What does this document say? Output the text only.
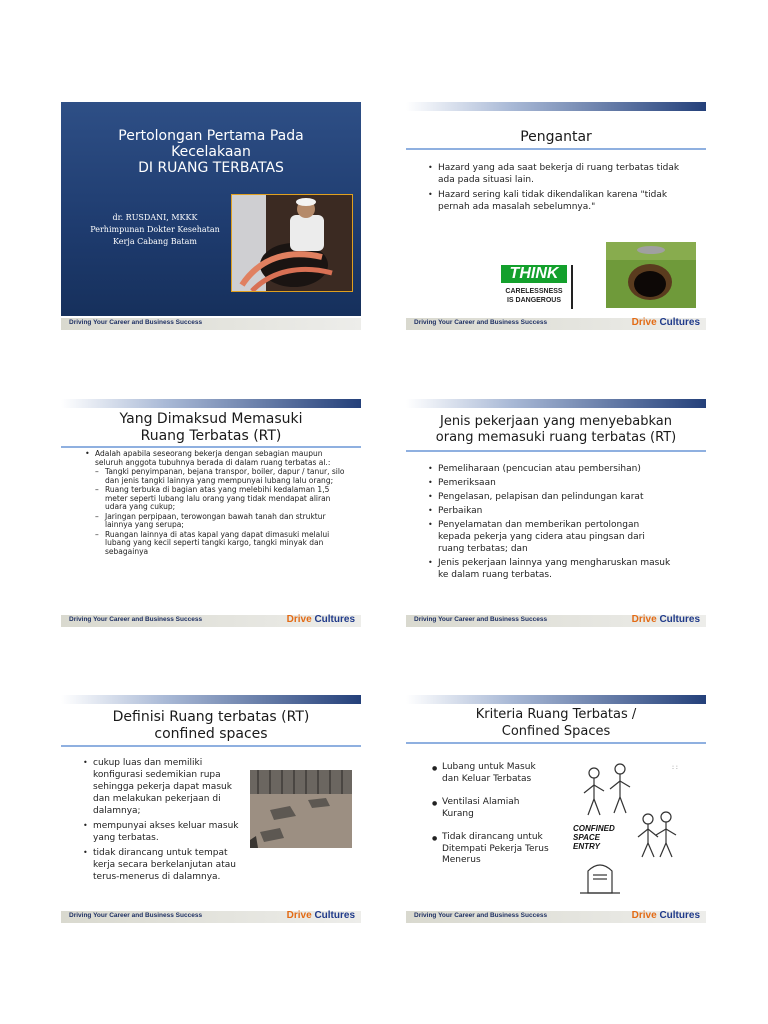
Pertolongan Pertama Pada
Kecelakaan
DI RUANG TERBATAS
dr. RUSDANI, MKKK
Perhimpunan Dokter Kesehatan
Kerja Cabang Batam
Driving Your Career and Business Success
Pengantar
• Hazard yang ada saat bekerja di ruang terbatas tidak ada pada situasi lain.
• Hazard sering kali tidak dikendalikan karena "tidak pernah ada masalah sebelumnya."
THINK
CARELESSNESS
IS DANGEROUS
Driving Your Career and Business Success	Drive Cultures
Yang Dimaksud Memasuki
Ruang Terbatas (RT)
• Adalah apabila seseorang bekerja dengan sebagian maupun seluruh anggota tubuhnya berada di dalam ruang terbatas al.:
– Tangki penyimpanan, bejana transpor, boiler, dapur / tanur, silo dan jenis tangki lainnya yang mempunyai lubang lalu orang;
– Ruang terbuka di bagian atas yang melebihi kedalaman 1,5 meter seperti lubang lalu orang yang tidak mendapat aliran udara yang cukup;
– Jaringan perpipaan, terowongan bawah tanah dan struktur lainnya yang serupa;
– Ruangan lainnya di atas kapal yang dapat dimasuki melalui lubang yang kecil seperti tangki kargo, tangki minyak dan sebagainya
Driving Your Career and Business Success	Drive Cultures
Jenis pekerjaan yang menyebabkan
orang memasuki ruang terbatas (RT)
• Pemeliharaan (pencucian atau pembersihan)
• Pemeriksaan
• Pengelasan, pelapisan dan pelindungan karat
• Perbaikan
• Penyelamatan dan memberikan pertolongan kepada pekerja yang cidera atau pingsan dari ruang terbatas; dan
• Jenis pekerjaan lainnya yang mengharuskan masuk ke dalam ruang terbatas.
Driving Your Career and Business Success	Drive Cultures
Definisi Ruang terbatas (RT)
confined spaces
• cukup luas dan memiliki konfigurasi sedemikian rupa sehingga pekerja dapat masuk dan melakukan pekerjaan di dalamnya;
• mempunyai akses keluar masuk yang terbatas.
• tidak dirancang untuk tempat kerja secara berkelanjutan atau terus-menerus di dalamnya.
Driving Your Career and Business Success	Drive Cultures
Kriteria Ruang Terbatas /
Confined Spaces
● Lubang untuk Masuk dan Keluar Terbatas
● Ventilasi Alamiah Kurang
● Tidak dirancang untuk Ditempati Pekerja Terus Menerus
: :
CONFINED
SPACE
ENTRY
Driving Your Career and Business Success	Drive Cultures
